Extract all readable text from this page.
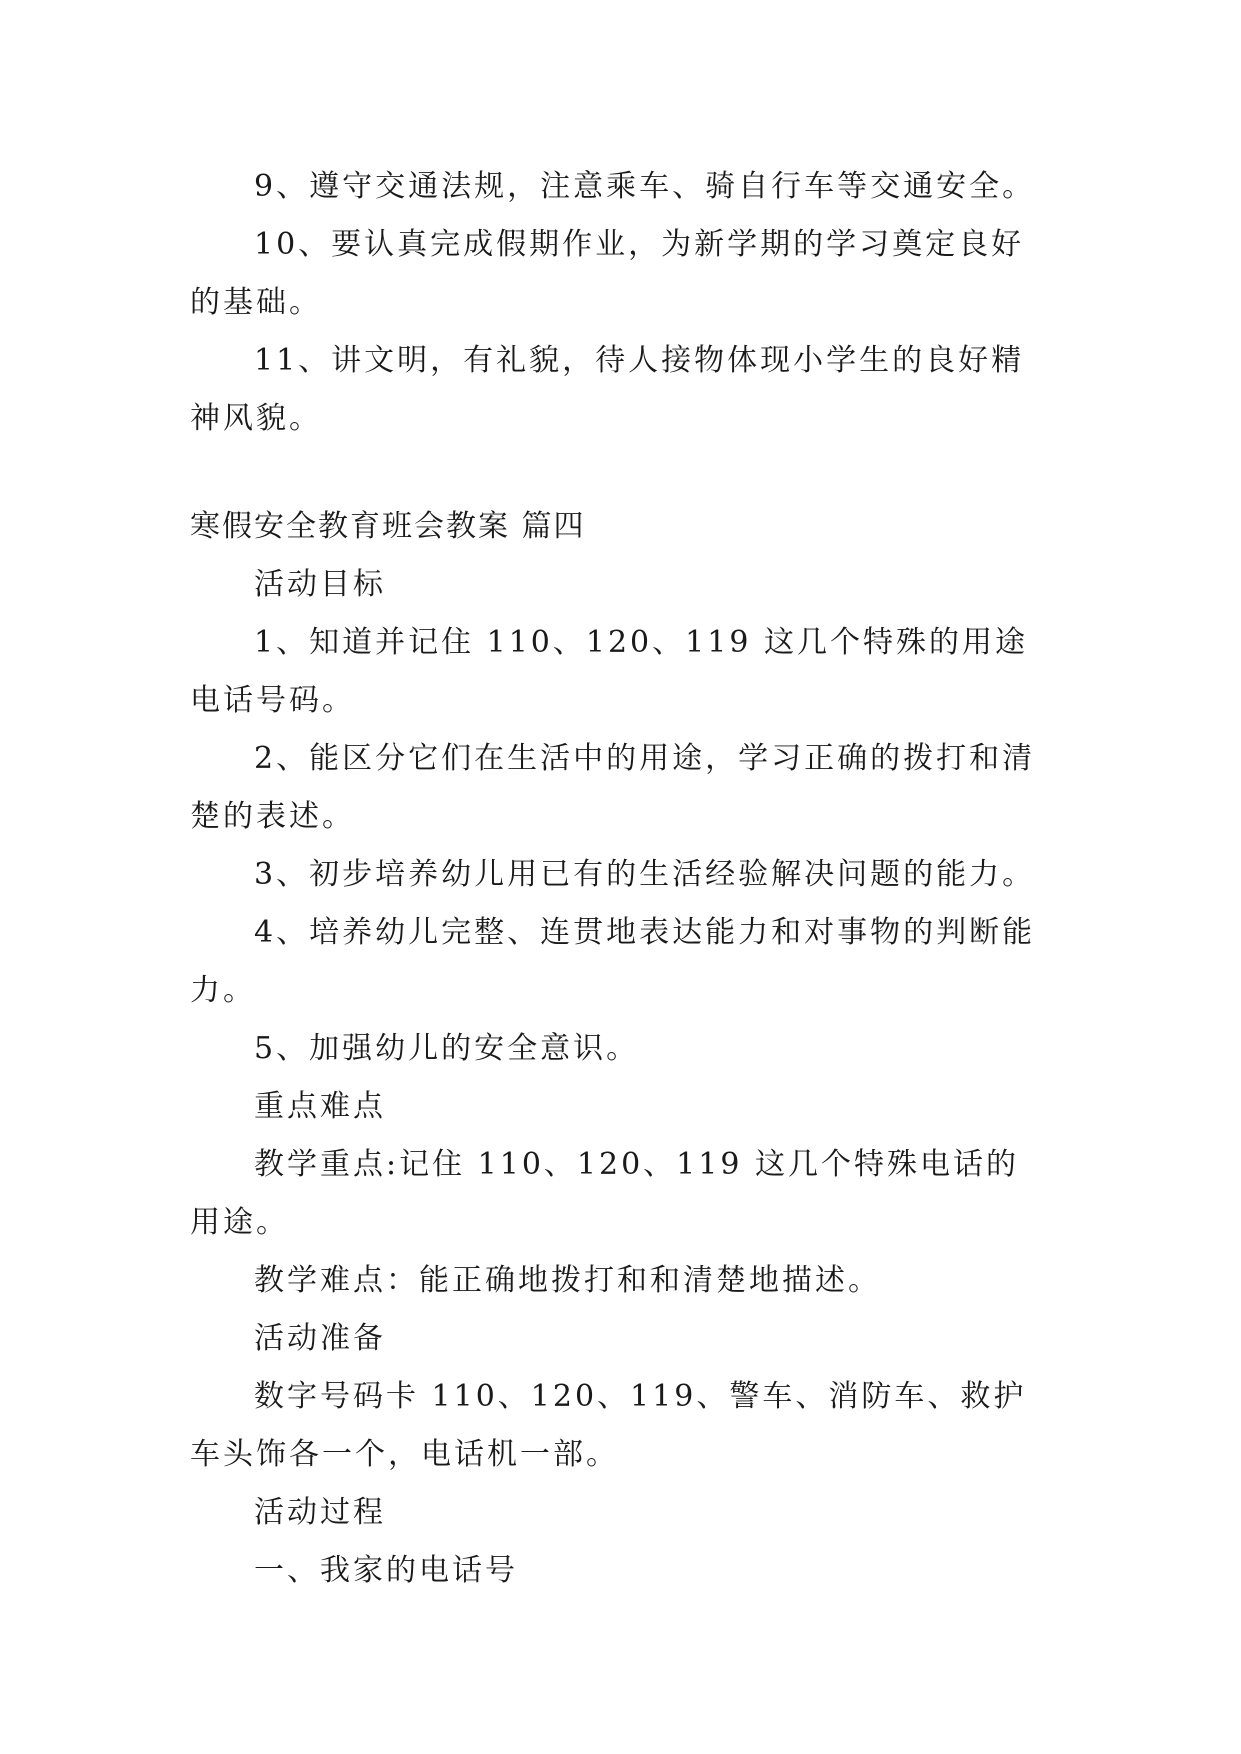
9、遵守交通法规，注意乘车、骑自行车等交通安全。

10、要认真完成假期作业，为新学期的学习奠定良好的基础。

11、讲文明，有礼貌，待人接物体现小学生的良好精神风貌。

寒假安全教育班会教案 篇四

活动目标

1、知道并记住 110、120、119 这几个特殊的用途电话号码。

2、能区分它们在生活中的用途，学习正确的拨打和清楚的表述。

3、初步培养幼儿用已有的生活经验解决问题的能力。

4、培养幼儿完整、连贯地表达能力和对事物的判断能力。

5、加强幼儿的安全意识。

重点难点

教学重点:记住 110、120、119 这几个特殊电话的用途。

教学难点：能正确地拨打和和清楚地描述。

活动准备

数字号码卡 110、120、119、警车、消防车、救护车头饰各一个，电话机一部。

活动过程

一、我家的电话号
